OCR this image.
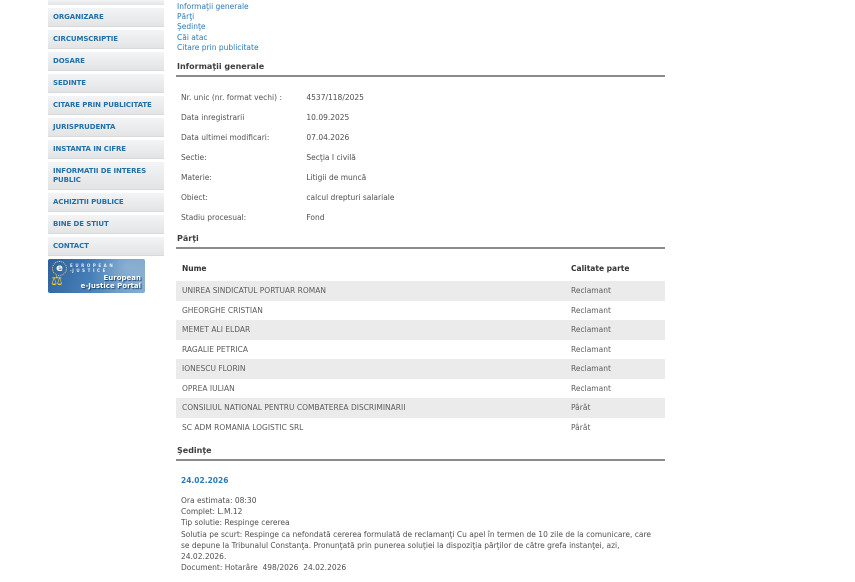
ORGANIZARE
CIRCUMSCRIPTIE
DOSARE
SEDINTE
CITARE PRIN PUBLICITATE
JURISPRUDENTA
INSTANTA IN CIFRE
INFORMATII DE INTERES PUBLIC
ACHIZITII PUBLICE
BINE DE STIUT
CONTACT
e	E U R O P E A N
-J U S T I C E
⚖	European
e-Justice Portal
Informaţii generale
Părţi
Şedinţe
Căi atac
Citare prin publicitate
Informaţii generale
Nr. unic (nr. format vechi) :	4537/118/2025
Data inregistrarii	10.09.2025
Data ultimei modificari:	07.04.2026
Sectie:	Secţia I civilă
Materie:	Litigii de muncă
Obiect:	calcul drepturi salariale
Stadiu procesual:	Fond
Părţi
Nume	Calitate parte
UNIREA SINDICATUL PORTUAR ROMAN	Reclamant
GHEORGHE CRISTIAN	Reclamant
MEMET ALI ELDAR	Reclamant
RAGALIE PETRICA	Reclamant
IONESCU FLORIN	Reclamant
OPREA IULIAN	Reclamant
CONSILIUL NATIONAL PENTRU COMBATEREA DISCRIMINARII	Pârât
SC ADM ROMANIA LOGISTIC SRL	Pârât
Şedinţe
24.02.2026
Ora estimata: 08:30
Complet: L.M.12
Tip solutie: Respinge cererea
Solutia pe scurt: Respinge ca nefondată cererea formulată de reclamanţi Cu apel în termen de 10 zile de la comunicare, care se depune la Tribunalul Constanţa. Pronunţată prin punerea soluţiei la dispoziţia părţilor de către grefa instanţei, azi, 24.02.2026.
Document: Hotarâre  498/2026  24.02.2026
